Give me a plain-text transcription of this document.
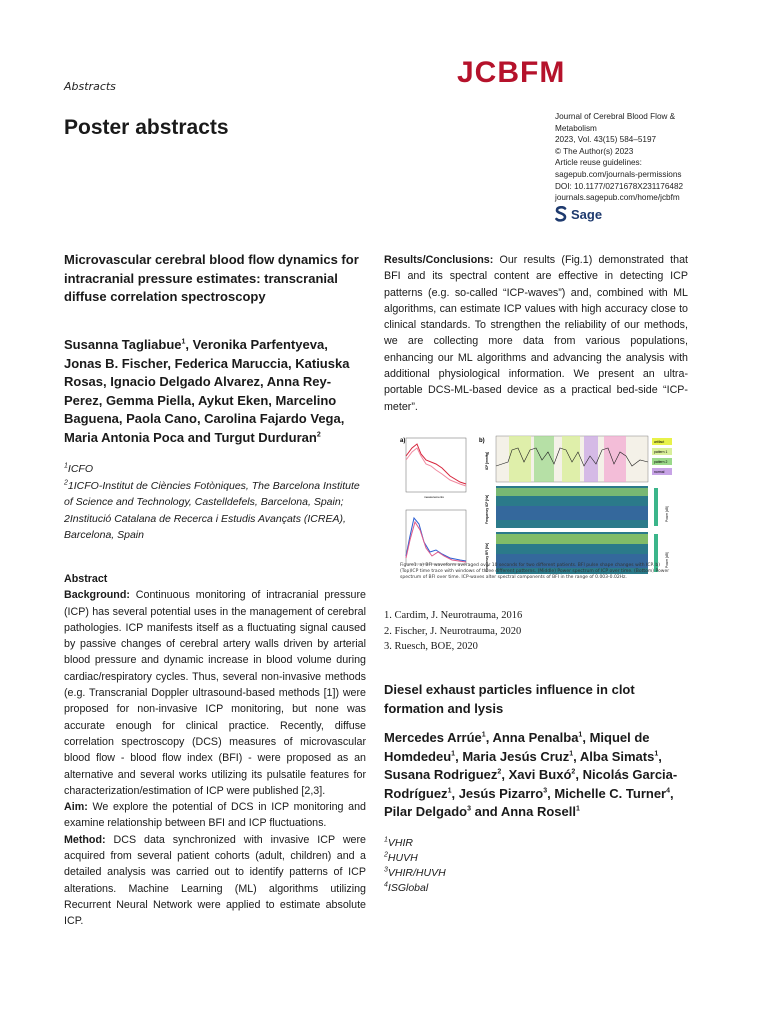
Abstracts	JCBFM
Poster abstracts	Journal of Cerebral Blood Flow &
Metabolism
2023, Vol. 43(15) 584–5197
© The Author(s) 2023
Article reuse guidelines:
sagepub.com/journals-permissions
DOI: 10.1177/0271678X231176482
journals.sagepub.com/home/jcbfm
Sage
Microvascular cerebral blood flow dynamics for intracranial pressure estimates: transcranial diffuse correlation spectroscopy
Susanna Tagliabue$^1$, Veronika Parfentyeva, Jonas B. Fischer, Federica Maruccia, Katiuska Rosas, Ignacio Delgado Alvarez, Anna Rey-Perez, Gemma Piella, Aykut Eken, Marcelino Baguena, Paola Cano, Carolina Fajardo Vega, Maria Antonia Poca and Turgut Durduran$^2$
$^1$ICFO
$^2$1ICFO-Institut de Ciències Fotòniques, The Barcelona Institute of Science and Technology, Castelldefels, Barcelona, Spain; 2Institució Catalana de Recerca i Estudis Avançats (ICREA), Barcelona, Spain

Abstract

Background: Continuous monitoring of intracranial pressure (ICP) has several potential uses in the management of cerebral pathologies. ICP manifests itself as a fluctuating signal caused by passive changes of cerebral artery walls driven by arterial blood pressure and dynamic increase in blood volume during cardiac/respiratory cycles. Thus, several non-invasive methods (e.g. Transcranial Doppler ultrasound-based methods [1]) were proposed for non-invasive ICP monitoring, but none was accurate enough for clinical practice. Recently, diffuse correlation spectroscopy (DCS) measures of microvascular blood flow - blood flow index (BFI) - were proposed as an alternative and several works utilizing its pulsatile features for characterization/estimation of ICP were published [2,3].

Aim: We explore the potential of DCS in ICP monitoring and examine relationship between BFI and ICP fluctuations.

Method: DCS data synchronized with invasive ICP were acquired from several patient cohorts (adult, children) and a detailed analysis was carried out to identify patterns of ICP alterations. Machine Learning (ML) algorithms utilizing Recurrent Neural Network were applied to estimate absolute ICP.

Results/Conclusions: Our results (Fig.1) demonstrated that BFI and its spectral content are effective in detecting ICP patterns (e.g. so-called “ICP-waves”) and, combined with ML algorithms, can estimate ICP values with high accuracy close to clinical standards. To strengthen the reliability of our methods, we are collecting more data from various populations, enhancing our ML algorithms and advancing the analysis with additional physiological information. We present an ultra-portable DCS-ML-based device as a practical bed-side “ICP-meter”.
a)
measurements
b)
ICP [mmHg]
Frequency ICP [Hz]
Frequency BFI [Hz]
artifact
pattern 1
pattern 2
normal
Power [dB]
Power [dB]
Figure1. a) BFI waveform averaged over 10 seconds for two different patients. BFI pulse shape changes with ICP. b) (Top)ICP time trace with windows of three different patterns. (Middle) Power spectrum of ICP over time. (Bottom) Power spectrum of BFI over time. ICP-waves alter spectral components of BFI in the range of 0.003-0.02Hz.
1. Cardim, J. Neurotrauma, 2016
2. Fischer, J. Neurotrauma, 2020
3. Ruesch, BOE, 2020
Diesel exhaust particles influence in clot formation and lysis
Mercedes Arrúe$^1$, Anna Penalba$^1$, Miquel de Homdedeu$^1$, Maria Jesús Cruz$^1$, Alba Simats$^1$, Susana Rodriguez$^2$, Xavi Buxó$^2$, Nicolás Garcia-Rodríguez$^1$, Jesús Pizarro$^3$, Michelle C. Turner$^4$, Pilar Delgado$^3$ and Anna Rosell$^1$
$^1$VHIR
$^2$HUVH
$^3$VHIR/HUVH
$^4$ISGlobal
